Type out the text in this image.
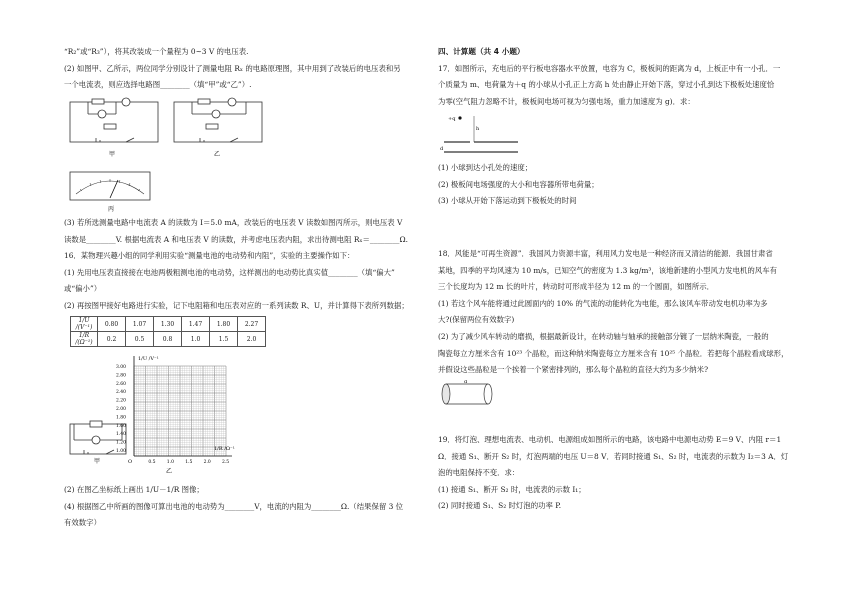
“R₂”或“R₃”），将其改装成一个量程为 0~3 V 的电压表.

(2) 如图甲、乙所示，两位同学分别设计了测量电阻 Rₓ 的电路原理图，其中用到了改装后的电压表和另

一个电流表，则应选择电路图________（填“甲”或“乙”）.

甲	乙
丙

(3) 若所选测量电路中电流表 A 的读数为 I＝5.0 mA，改装后的电压表 V 读数如图丙所示，则电压表 V

读数是________V. 根据电流表 A 和电压表 V 的读数，并考虑电压表内阻，求出待测电阻 Rₓ＝________Ω.

16．某物理兴趣小组的同学利用实验“测量电池的电动势和内阻”，实验的主要操作如下：

(1) 先用电压表直接接在电池两极粗测电池的电动势，这样测出的电动势比真实值________（填“偏大”

或“偏小”）

(2) 再按图甲接好电路进行实验，记下电阻箱和电压表对应的一系列读数 R、U，并计算得下表所列数据；

1/U /(V⁻¹)	0.80	1.07	1.30	1.47	1.80	2.27
1/R /(Ω⁻¹)	0.2	0.5	0.8	1.0	1.5	2.0
甲
3.00
2.80
2.60
2.40
2.20
2.00
1.80
1.60
1.40
1.20
1.00
0.5 1.0 1.5 2.0 2.5
1/U /V⁻¹
1/R /Ω⁻¹
O
乙

(2) 在图乙坐标纸上画出 1/U－1/R 图像；

(4) 根据图乙中所画的图像可算出电池的电动势为________V，电流的内阻为________Ω.（结果保留 3 位

有效数字）

四、计算题（共 4 小题）

17．如图所示，充电后的平行板电容器水平放置，电容为 C，极板间的距离为 d，上板正中有一小孔．一

个质量为 m、电荷量为＋q 的小球从小孔正上方高 h 处由静止开始下落，穿过小孔到达下极板处速度恰

为零(空气阻力忽略不计，极板间电场可视为匀强电场，重力加速度为 g)．求：

+q
h
d

(1) 小球到达小孔处的速度；

(2) 极板间电场强度的大小和电容器所带电荷量；

(3) 小球从开始下落运动到下极板处的时间

18．风能是“可再生资源”．我国风力资源丰富，利用风力发电是一种经济而又清洁的能源．我国甘肃省

某地，四季的平均风速为 10 m/s，已知空气的密度为 1.3 kg/m³，该地新建的小型风力发电机的风车有

三个长度均为 12 m 长的叶片，转动时可形成半径为 12 m 的一个圆面，如图所示．

(1) 若这个风车能将通过此圆面内的 10% 的气流的动能转化为电能，那么该风车带动发电机功率为多

大?(保留两位有效数字)

(2) 为了减少风车转动的磨损，根据最新设计，在转动轴与轴承的接触部分镀了一层纳米陶瓷，一般的

陶瓷每立方厘米含有 10²³ 个晶粒，而这种纳米陶瓷每立方厘米含有 10²⁵ 个晶粒．若把每个晶粒看成球形，

并假设这些晶粒是一个挨着一个紧密排列的，那么每个晶粒的直径大约为多少纳米?

d

19．将灯泡、理想电流表、电动机、电源组成如图所示的电路，该电路中电源电动势 E＝9 V、内阻 r＝1

Ω．接通 S₁、断开 S₂ 时，灯泡两端的电压 U＝8 V．若同时接通 S₁、S₂ 时，电流表的示数为 I₂＝3 A．灯

泡的电阻保持不变．求：

(1) 接通 S₁、断开 S₂ 时，电流表的示数 I₁；

(2) 同时接通 S₁、S₂ 时灯泡的功率 P.
